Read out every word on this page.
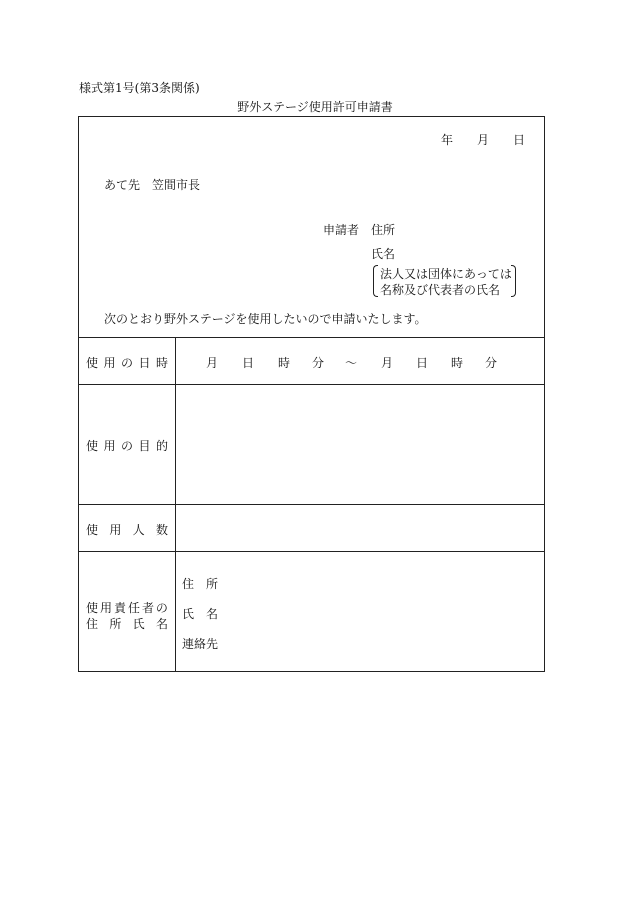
様式第1号(第3条関係)
野外ステージ使用許可申請書
年 月 日
あて先　笠間市長
申請者 住所
氏名
法人又は団体にあっては
名称及び代表者の氏名
次のとおり野外ステージを使用したいので申請いたします。
使 用 の 日 時	月 日 時 分 ～ 月 日 時 分
使 用 の 目 的
使 用 人 数
使 用 責 任 者 の
住 所 氏 名
住　所
氏　名
連絡先
